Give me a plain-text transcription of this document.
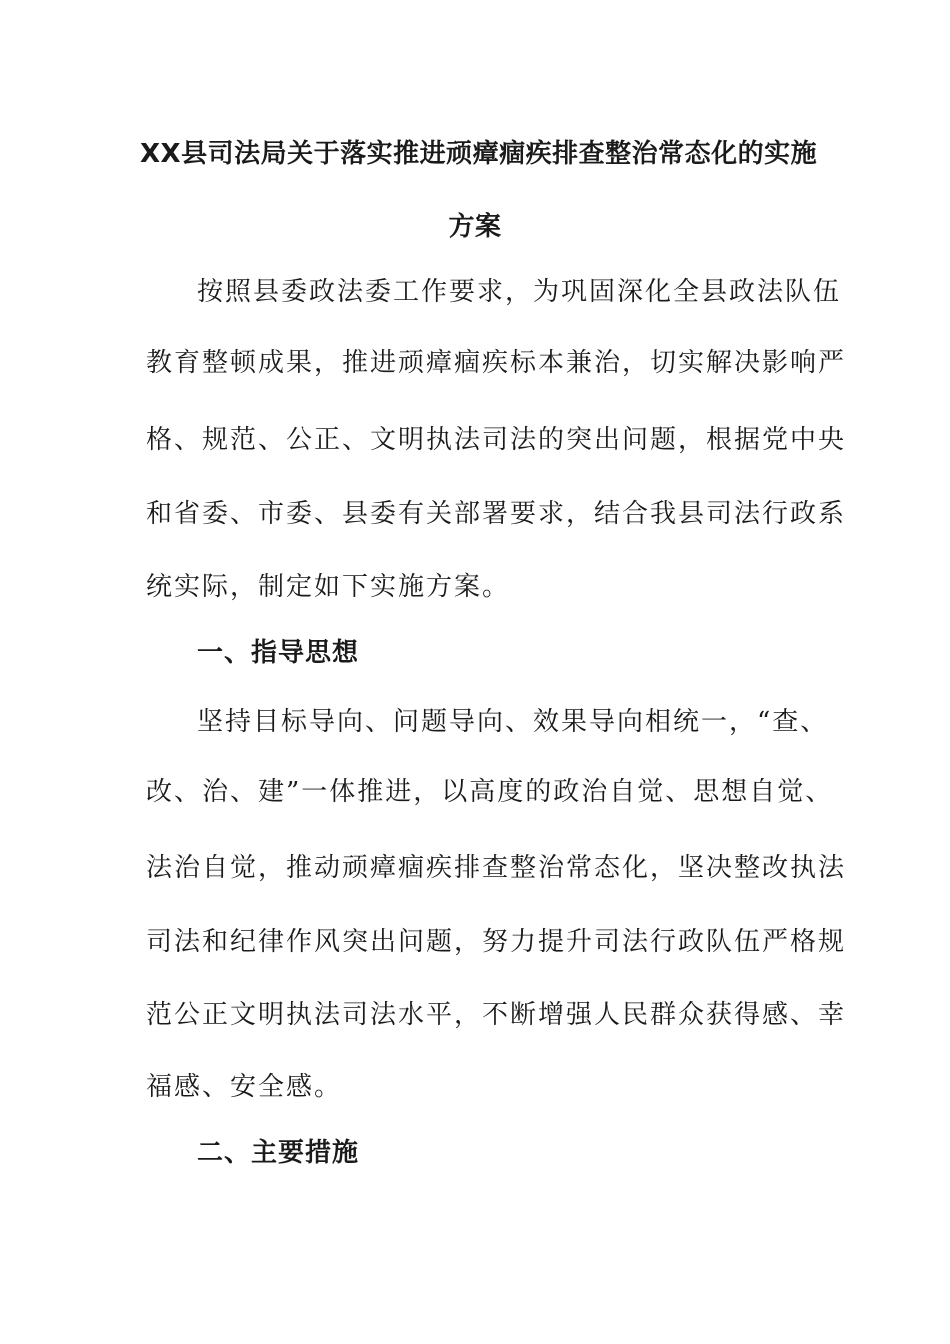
XX县司法局关于落实推进顽瘴痼疾排查整治常态化的实施
方案
按照县委政法委工作要求，为巩固深化全县政法队伍
教育整顿成果，推进顽瘴痼疾标本兼治，切实解决影响严
格、规范、公正、文明执法司法的突出问题，根据党中央
和省委、市委、县委有关部署要求，结合我县司法行政系
统实际，制定如下实施方案。
一、指导思想
坚持目标导向、问题导向、效果导向相统一，“查、
改、治、建”一体推进，以高度的政治自觉、思想自觉、
法治自觉，推动顽瘴痼疾排查整治常态化，坚决整改执法
司法和纪律作风突出问题，努力提升司法行政队伍严格规
范公正文明执法司法水平，不断增强人民群众获得感、幸
福感、安全感。
二、主要措施
